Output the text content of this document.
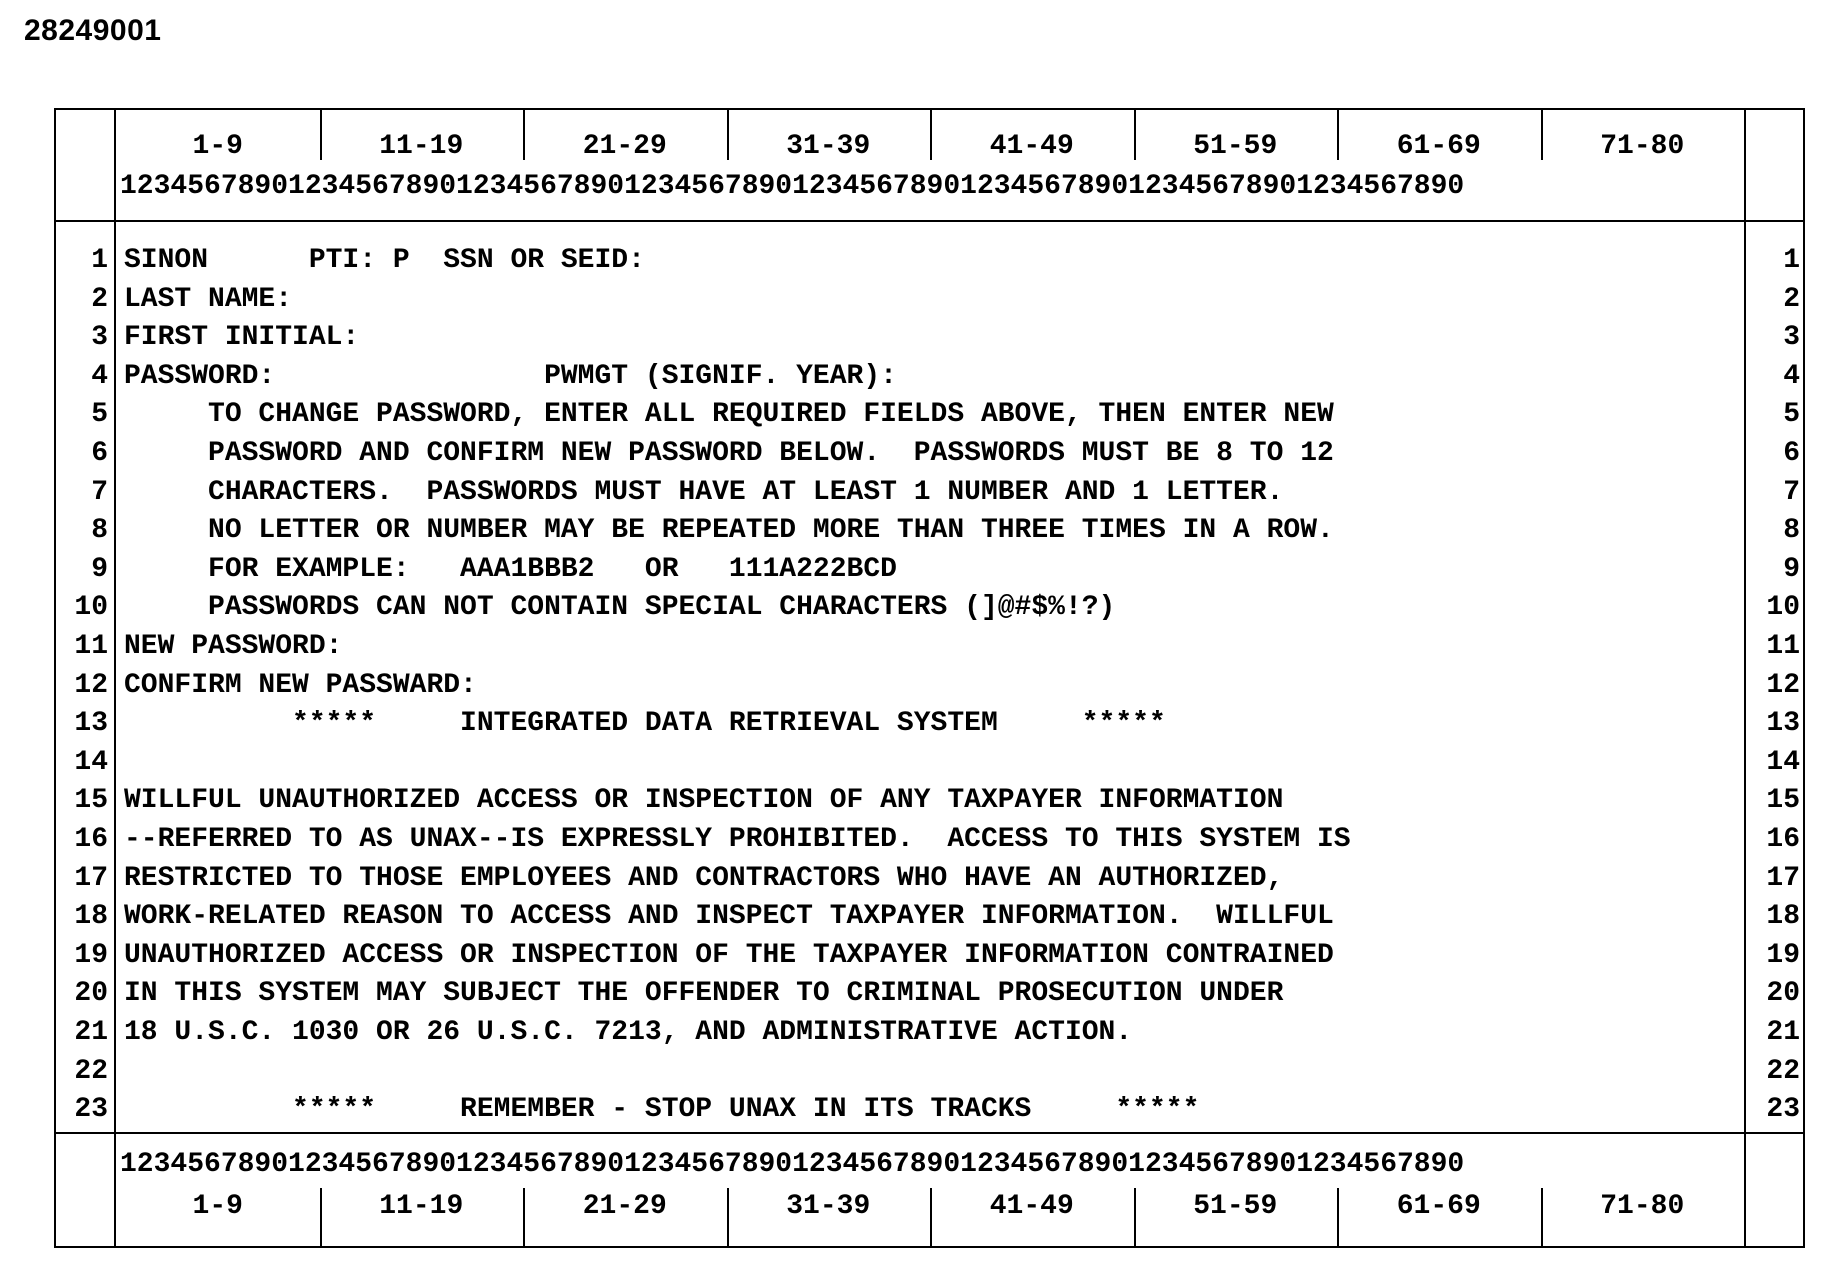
28249001
1-9	11-19	21-29	31-39	41-49	51-59	61-69	71-80
12345678901234567890123456789012345678901234567890123456789012345678901234567890
1 SINON      PTI: P  SSN OR SEID:	1
2 LAST NAME:	2
3 FIRST INITIAL:	3
4 PASSWORD:                PWMGT (SIGNIF. YEAR):	4
5 TO CHANGE PASSWORD, ENTER ALL REQUIRED FIELDS ABOVE, THEN ENTER NEW	5
6 PASSWORD AND CONFIRM NEW PASSWORD BELOW.  PASSWORDS MUST BE 8 TO 12	6
7 CHARACTERS.  PASSWORDS MUST HAVE AT LEAST 1 NUMBER AND 1 LETTER.	7
8 NO LETTER OR NUMBER MAY BE REPEATED MORE THAN THREE TIMES IN A ROW.	8
9 FOR EXAMPLE:   AAA1BBB2   OR   111A222BCD	9
10 PASSWORDS CAN NOT CONTAIN SPECIAL CHARACTERS (]@#$%!?)	10
11 NEW PASSWORD:	11
12 CONFIRM NEW PASSWARD:	12
13 *****     INTEGRATED DATA RETRIEVAL SYSTEM     *****	13
14	14
15 WILLFUL UNAUTHORIZED ACCESS OR INSPECTION OF ANY TAXPAYER INFORMATION	15
16 --REFERRED TO AS UNAX--IS EXPRESSLY PROHIBITED.  ACCESS TO THIS SYSTEM IS	16
17 RESTRICTED TO THOSE EMPLOYEES AND CONTRACTORS WHO HAVE AN AUTHORIZED,	17
18 WORK-RELATED REASON TO ACCESS AND INSPECT TAXPAYER INFORMATION.  WILLFUL	18
19 UNAUTHORIZED ACCESS OR INSPECTION OF THE TAXPAYER INFORMATION CONTRAINED	19
20 IN THIS SYSTEM MAY SUBJECT THE OFFENDER TO CRIMINAL PROSECUTION UNDER	20
21 18 U.S.C. 1030 OR 26 U.S.C. 7213, AND ADMINISTRATIVE ACTION.	21
22	22
23 *****     REMEMBER - STOP UNAX IN ITS TRACKS     *****	23
12345678901234567890123456789012345678901234567890123456789012345678901234567890
1-9	11-19	21-29	31-39	41-49	51-59	61-69	71-80
